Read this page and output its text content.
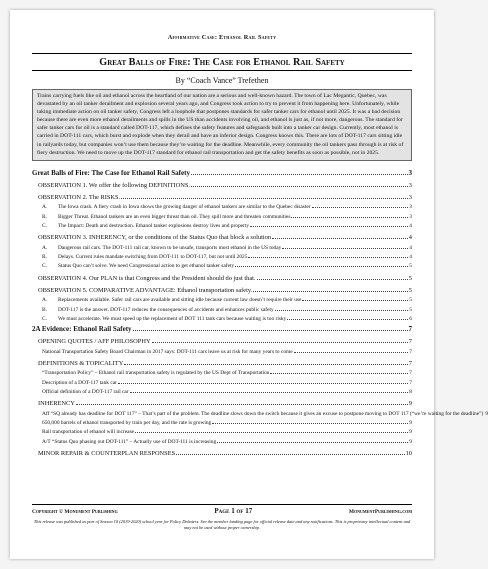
Affirmative Case: Ethanol Rail Safety
Great Balls of Fire: The Case for Ethanol Rail Safety
By “Coach Vance” Trefethen
Trains carrying fuels like oil and ethanol across the heartland of our nation are a serious and well-known hazard. The town of Lac Megantic, Quebec, was devastated by an oil tanker derailment and explosion several years ago, and Congress took action to try to prevent it from happening here. Unfortunately, while taking immediate action on oil tanker safety, Congress left a loophole that postpones standards for safer tanker cars for ethanol until 2025. It was a bad decision because there are even more ethanol derailments and spills in the US than accidents involving oil, and ethanol is just as, if not more, dangerous. The standard for safer tanker cars for oil is a standard called DOT-117, which defines the safety features and safeguards built into a tanker car design. Currently, most ethanol is carried in DOT-111 cars, which burst and explode when they derail and have an inferior design. Congress knows this. There are lots of DOT-117 cars sitting idle in railyards today, but companies won’t use them because they’re waiting for the deadline. Meanwhile, every community the oil tankers pass through is at risk of fiery destruction. We need to move up the DOT-117 standard for ethanol rail transportation and get the safety benefits as soon as possible, not in 2025.
Great Balls of Fire: The Case for Ethanol Rail Safety	3
OBSERVATION 1. We offer the following DEFINITIONS.	3
OBSERVATION 2. The RISKS.	3
A.	The Iowa crash. A fiery crash in Iowa shows the growing danger of ethanol tankers are similar to the Quebec disaster	3
B.	Bigger Threat. Ethanol tankers are an even bigger threat than oil. They spill more and threaten communities	3
C.	The Impact: Death and destruction. Ethanol tanker explosions destroy lives and property	4
OBSERVATION 3. INHERENCY, or the conditions of the Status Quo that block a solution	4
A.	Dangerous rail cars. The DOT-111 rail car, known to be unsafe, transports most ethanol in the US today	4
B.	Delays. Current rules mandate switching from DOT-111 to DOT-117, but not until 2025	4
C.	Status Quo can’t solve. We need Congressional action to get ethanol tanker safety	5
OBSERVATION 4. Our PLAN is that Congress and the President should do just that.	5
OBSERVATION 5. COMPARATIVE ADVANTAGE: Ethanol transportation safety.	5
A.	Replacements available. Safer rail cars are available and sitting idle because current law doesn’t require their use	5
B.	DOT-117 is the answer. DOT-117 reduces the consequences of accidents and enhances public safety	5
C.	We must accelerate. We must speed up the replacement of DOT 111 tank cars because waiting is too risky	6
2A Evidence: Ethanol Rail Safety	7
OPENING QUOTES / AFF PHILOSOPHY	7
National Transportation Safety Board Chairman in 2017 says: DOT-111 cars leave us at risk for many years to come	7
DEFINITIONS & TOPICALITY	7
“Transportation Policy” – Ethanol rail transportation safety is regulated by the US Dept of Transportation	7
Description of a DOT-117 tank car	7
Official definition of a DOT-117 rail car	8
INHERENCY	9
Aff “SQ already has deadline for DOT 117” – That’s part of the problem. The deadline slows down the switch because it gives an excuse to postpone moving to DOT 117 (“we’re waiting for the deadline”) 9
650,000 barrels of ethanol transported by train per day, and the rate is growing	9
Rail transportation of ethanol will increase	9
A/T “Status Quo phasing out DOT-111” – Actually use of DOT-111 is increasing	9
MINOR REPAIR & COUNTERPLAN RESPONSES	10
Copyright © Monument Publishing	Page 1 of 17	MonumentPublishing.com
This release was published as part of Season 10 (2019-2020) school year for Policy Debaters. See the member landing page for official release date and any notifications. This is proprietary intellectual content and may not be used without proper ownership.
